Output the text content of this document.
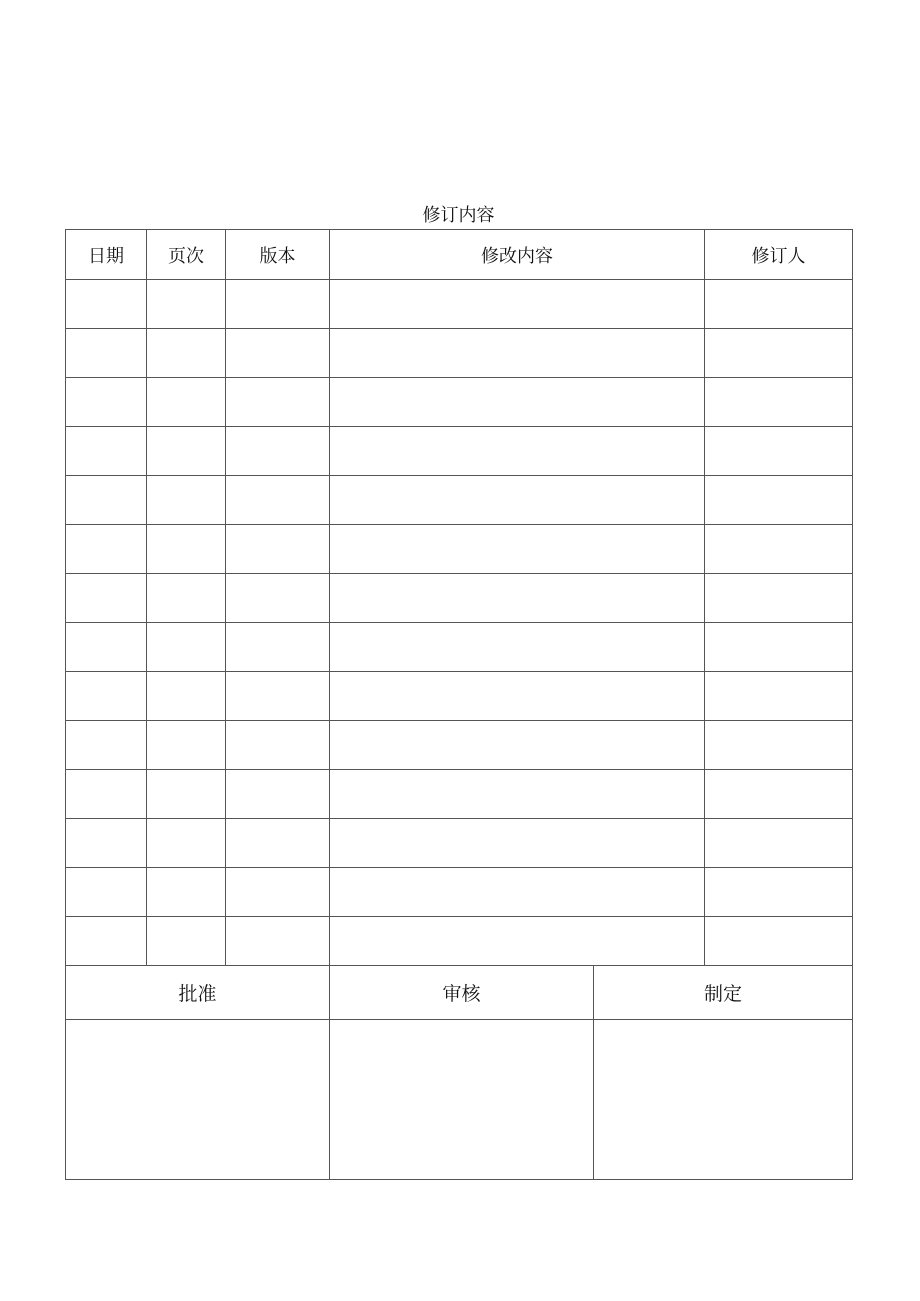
修订内容
日期	页次	版本	修改内容	修订人

批准	审核	制定
